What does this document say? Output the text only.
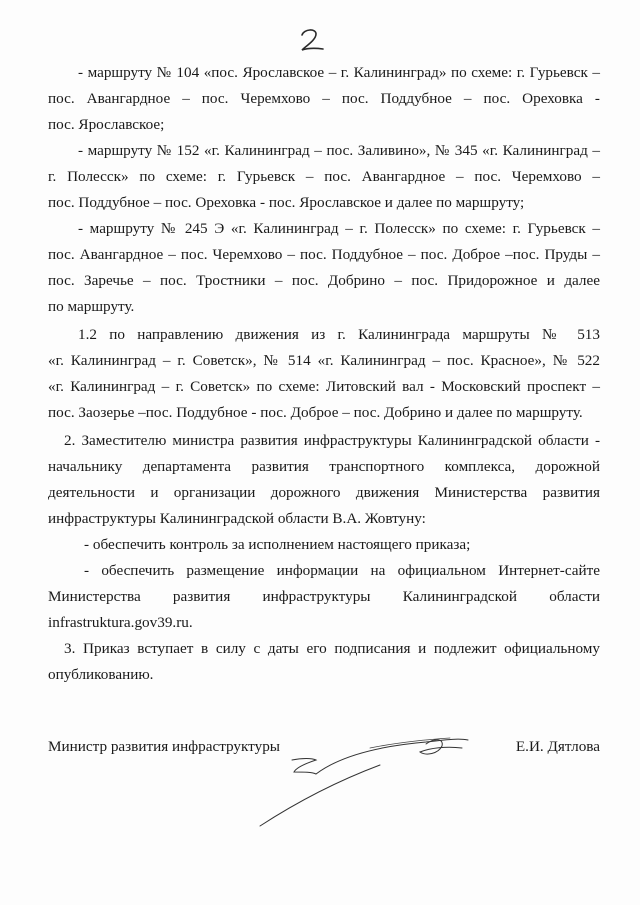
- маршруту № 104 «пос. Ярославское – г. Калининград» по схеме: г. Гурьевск –
пос. Авангардное – пос. Черемхово – пос. Поддубное – пос. Ореховка -
пос. Ярославское;
- маршруту № 152 «г. Калининград – пос. Заливино», № 345 «г. Калининград –
г. Полесск» по схеме: г. Гурьевск – пос. Авангардное – пос. Черемхово –
пос. Поддубное – пос. Ореховка - пос. Ярославское и далее по маршруту;
- маршруту № 245 Э «г. Калининград – г. Полесск» по схеме: г. Гурьевск –
пос. Авангардное – пос. Черемхово – пос. Поддубное – пос. Доброе –пос. Пруды –
пос. Заречье – пос. Тростники – пос. Добрино – пос. Придорожное и далее
по маршруту.
1.2 по направлению движения из г. Калининграда маршруты № 513
«г. Калининград – г. Советск», № 514 «г. Калининград – пос. Красное», № 522
«г. Калининград – г. Советск» по схеме: Литовский вал - Московский проспект –
пос. Заозерье –пос. Поддубное - пос. Доброе – пос. Добрино и далее по маршруту.
2. Заместителю министра развития инфраструктуры Калининградской области -
начальнику департамента развития транспортного комплекса, дорожной
деятельности и организации дорожного движения Министерства развития
инфраструктуры Калининградской области В.А. Жовтуну:
- обеспечить контроль за исполнением настоящего приказа;
- обеспечить размещение информации на официальном Интернет-сайте
Министерства развития инфраструктуры Калининградской области
infrastruktura.gov39.ru.
3. Приказ вступает в силу с даты его подписания и подлежит официальному
опубликованию.
Министр развития инфраструктуры	Е.И. Дятлова
